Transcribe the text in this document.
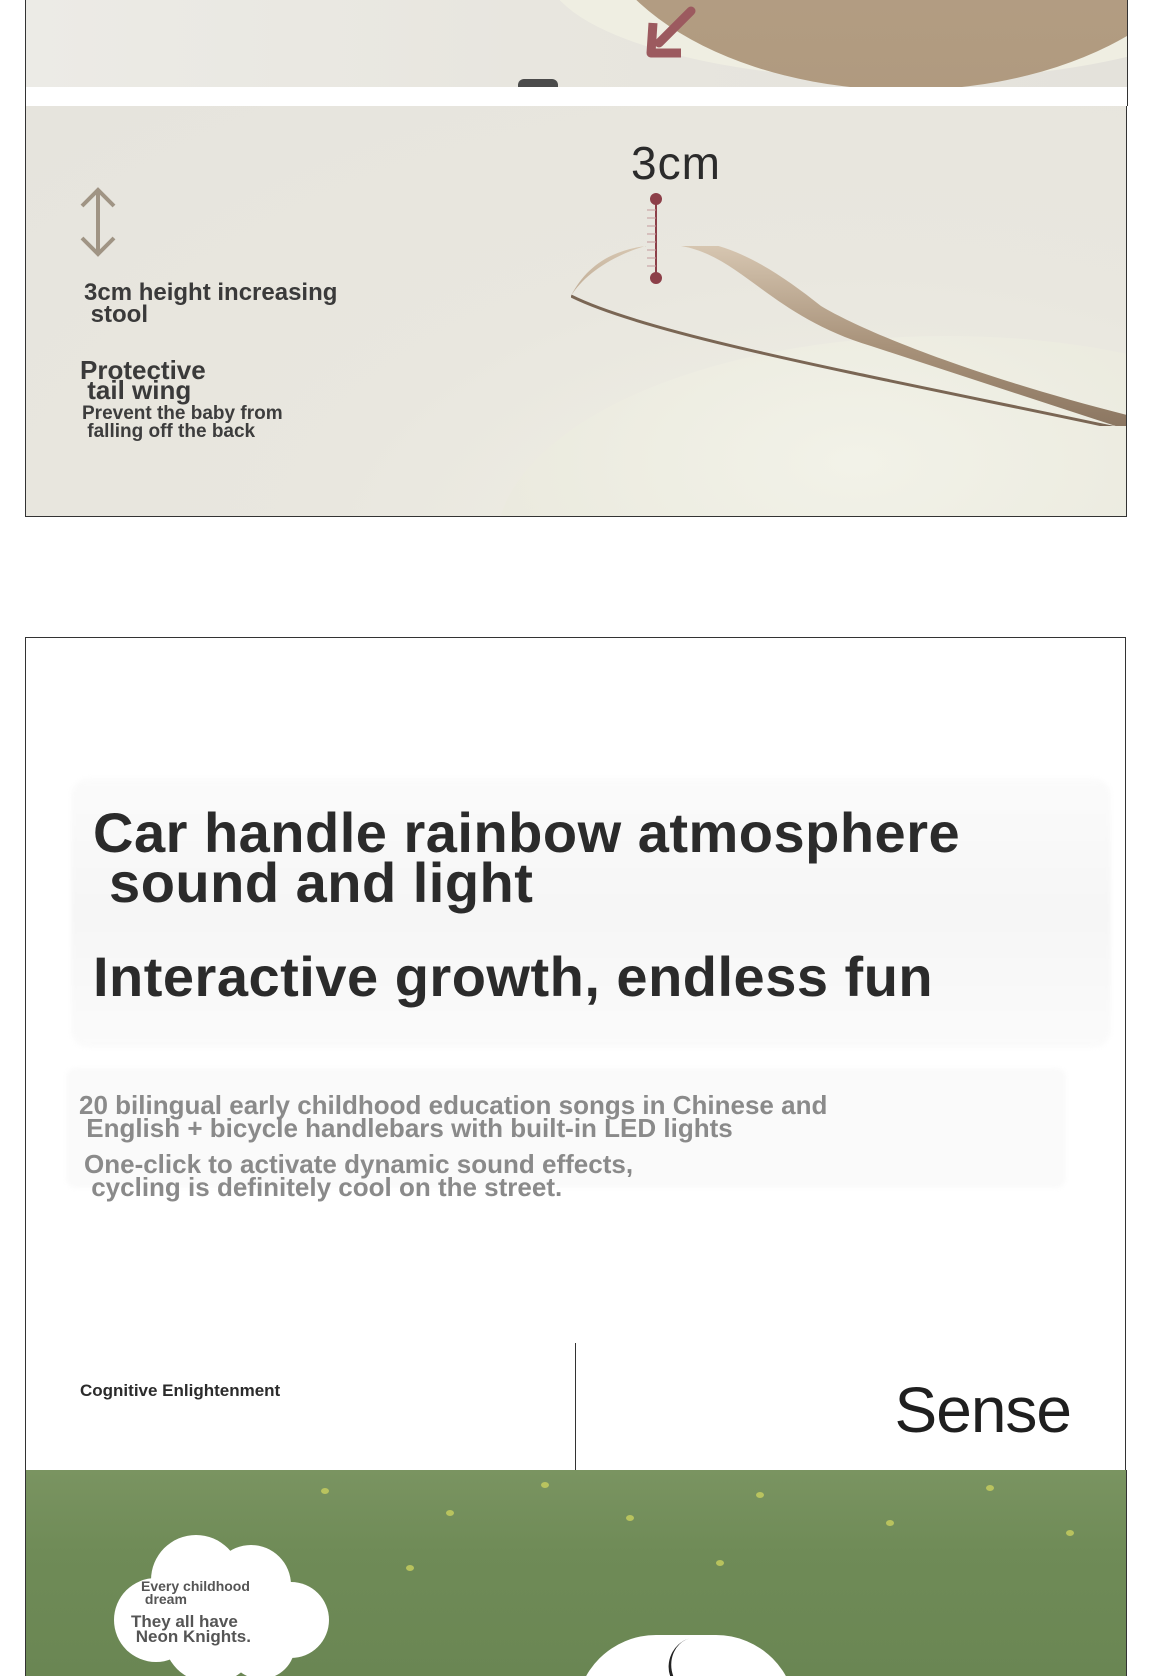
3cm
3cm height increasing
stool
Protective
tail wing
Prevent the baby from
falling off the back
Car handle rainbow atmosphere
sound and light
Interactive growth, endless fun
20 bilingual early childhood education songs in Chinese and
English + bicycle handlebars with built-in LED lights
One-click to activate dynamic sound effects,
cycling is definitely cool on the street.
Cognitive Enlightenment	Sense
Every childhood
dream
They all have
Neon Knights.
